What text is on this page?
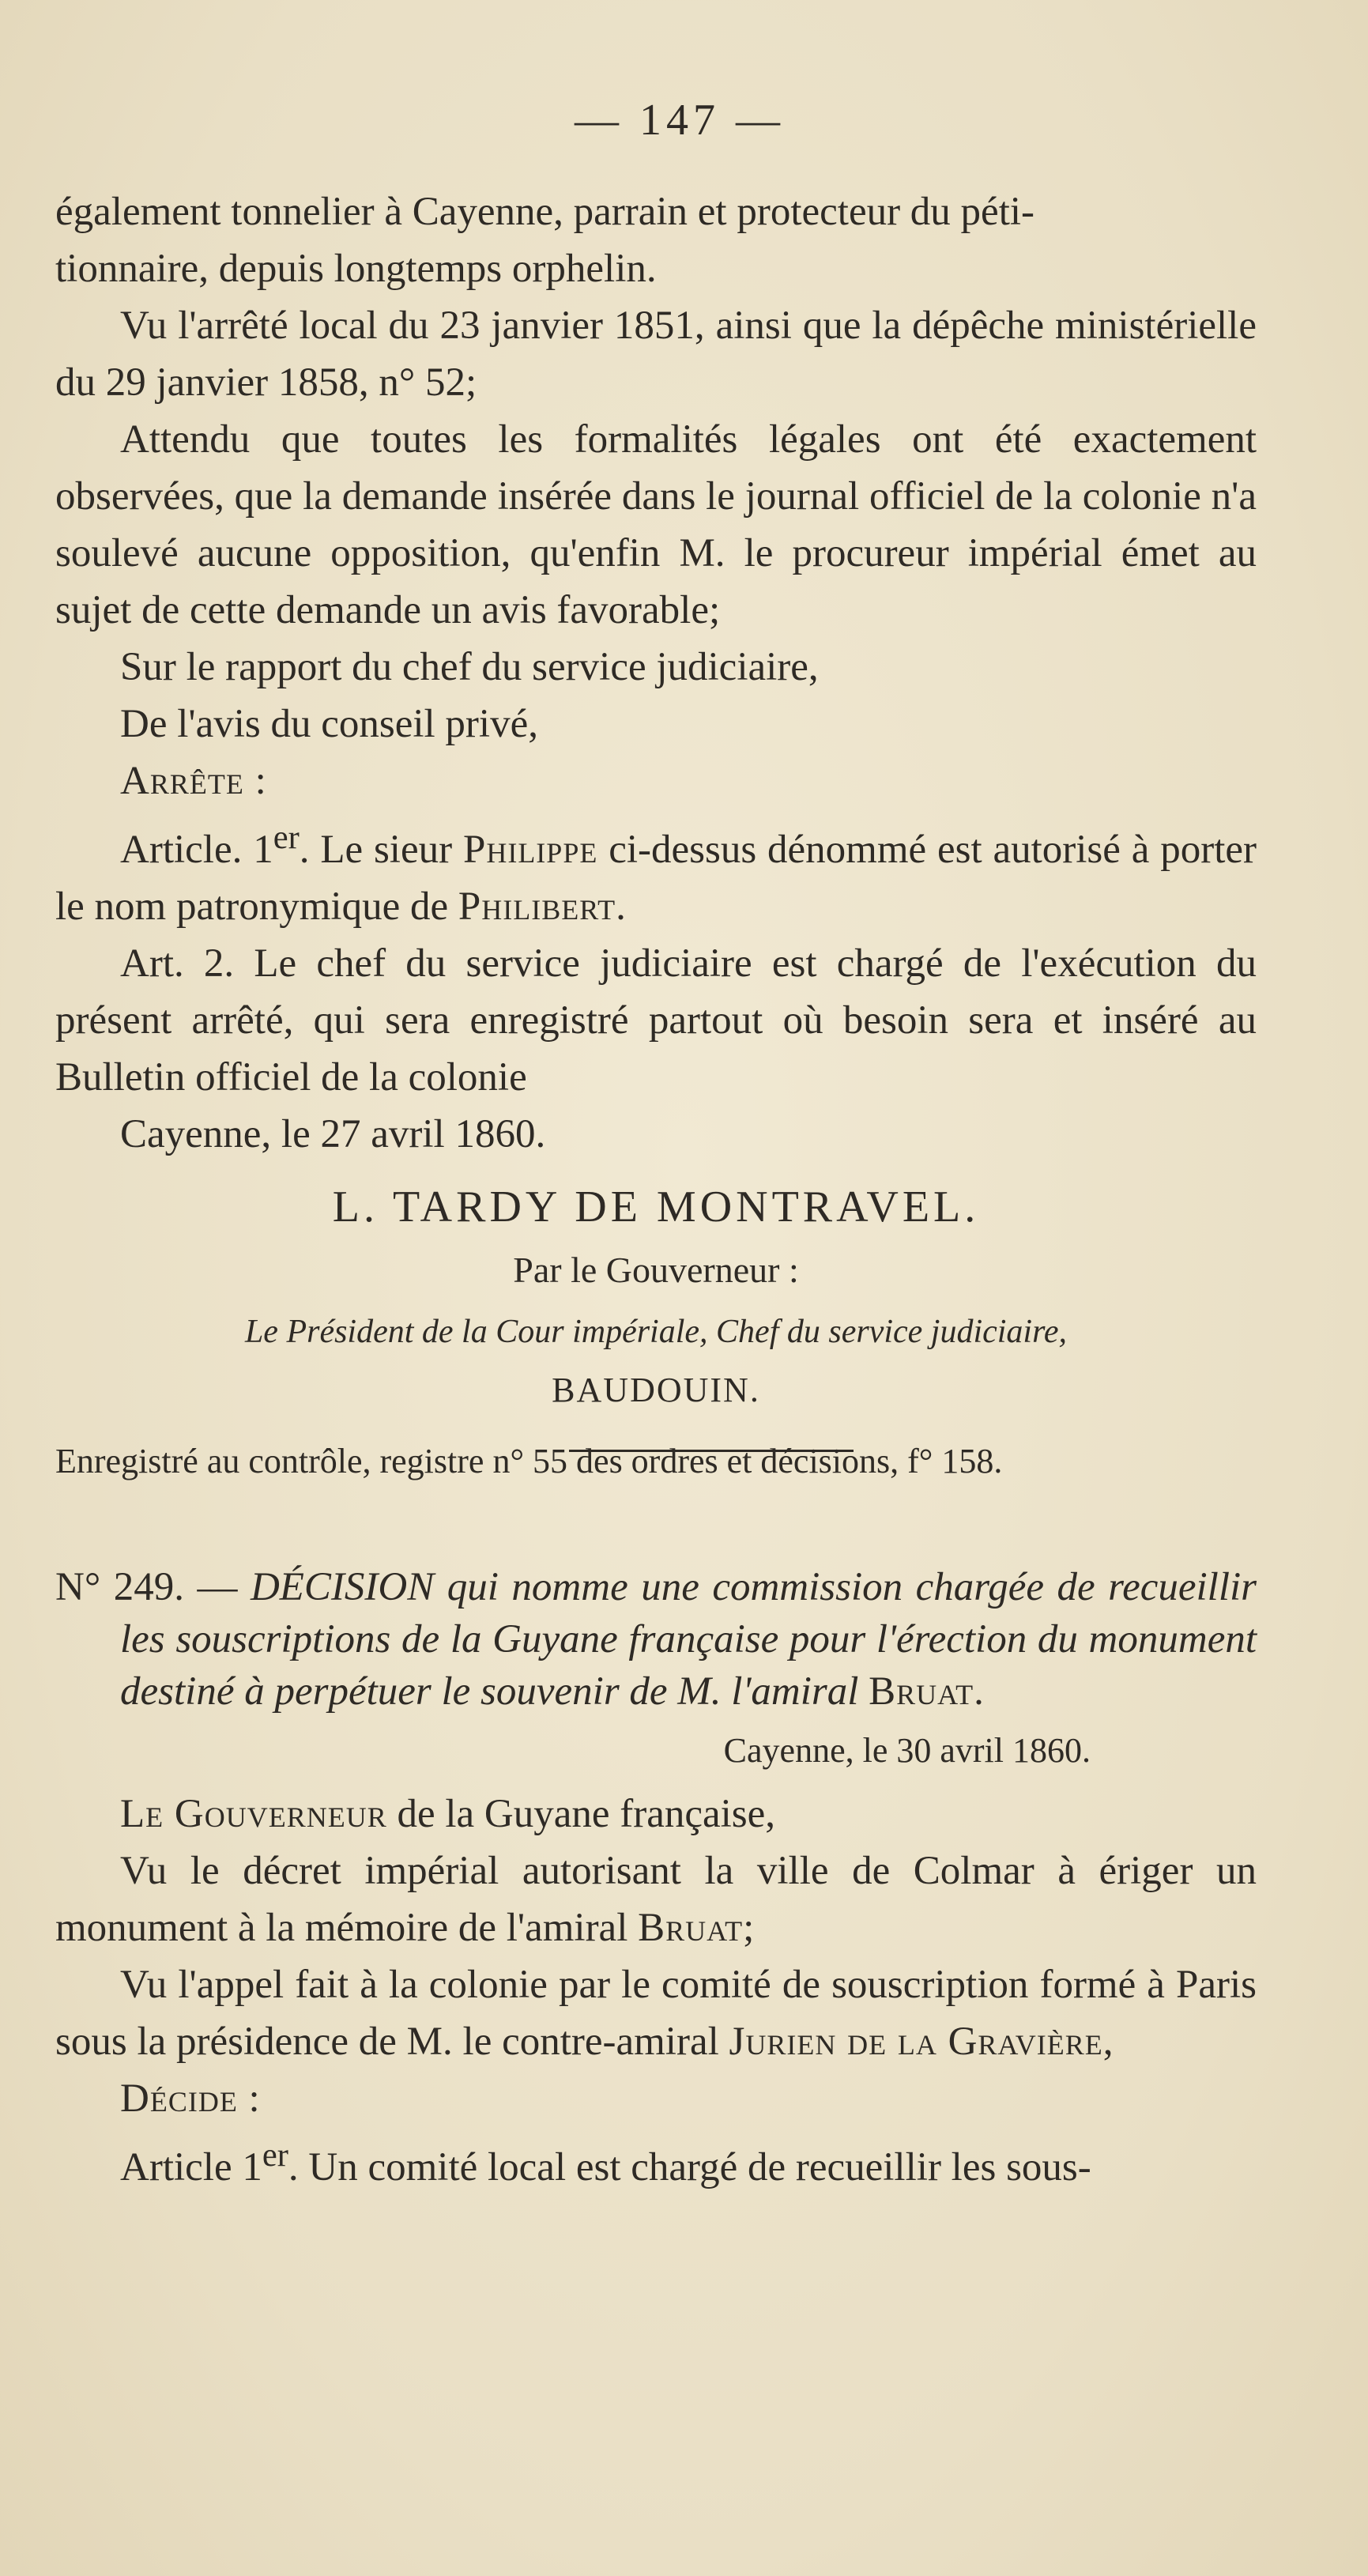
— 147 —

également tonnelier à Cayenne, parrain et protecteur du péti-
tionnaire, depuis longtemps orphelin.

Vu l'arrêté local du 23 janvier 1851, ainsi que la dépêche ministérielle du 29 janvier 1858, n° 52;

Attendu que toutes les formalités légales ont été exactement observées, que la demande insérée dans le journal officiel de la colonie n'a soulevé aucune opposition, qu'enfin M. le procureur impérial émet au sujet de cette demande un avis favorable;

Sur le rapport du chef du service judiciaire,

De l'avis du conseil privé,

Arrête :

Article. 1er. Le sieur Philippe ci-dessus dénommé est autorisé à porter le nom patronymique de Philibert.

Art. 2. Le chef du service judiciaire est chargé de l'exécution du présent arrêté, qui sera enregistré partout où besoin sera et inséré au Bulletin officiel de la colonie

Cayenne, le 27 avril 1860.

L. TARDY DE MONTRAVEL.

Par le Gouverneur :

Le Président de la Cour impériale, Chef du service judiciaire,

BAUDOUIN.

Enregistré au contrôle, registre n° 55 des ordres et décisions, f° 158.

N° 249. — DÉCISION qui nomme une commission chargée de recueillir les souscriptions de la Guyane française pour l'érection du monument destiné à perpétuer le souvenir de M. l'amiral Bruat.

Cayenne, le 30 avril 1860.

Le Gouverneur de la Guyane française,

Vu le décret impérial autorisant la ville de Colmar à ériger un monument à la mémoire de l'amiral Bruat;

Vu l'appel fait à la colonie par le comité de souscription formé à Paris sous la présidence de M. le contre-amiral Jurien de la Gravière,

Décide :

Article 1er. Un comité local est chargé de recueillir les sous-
